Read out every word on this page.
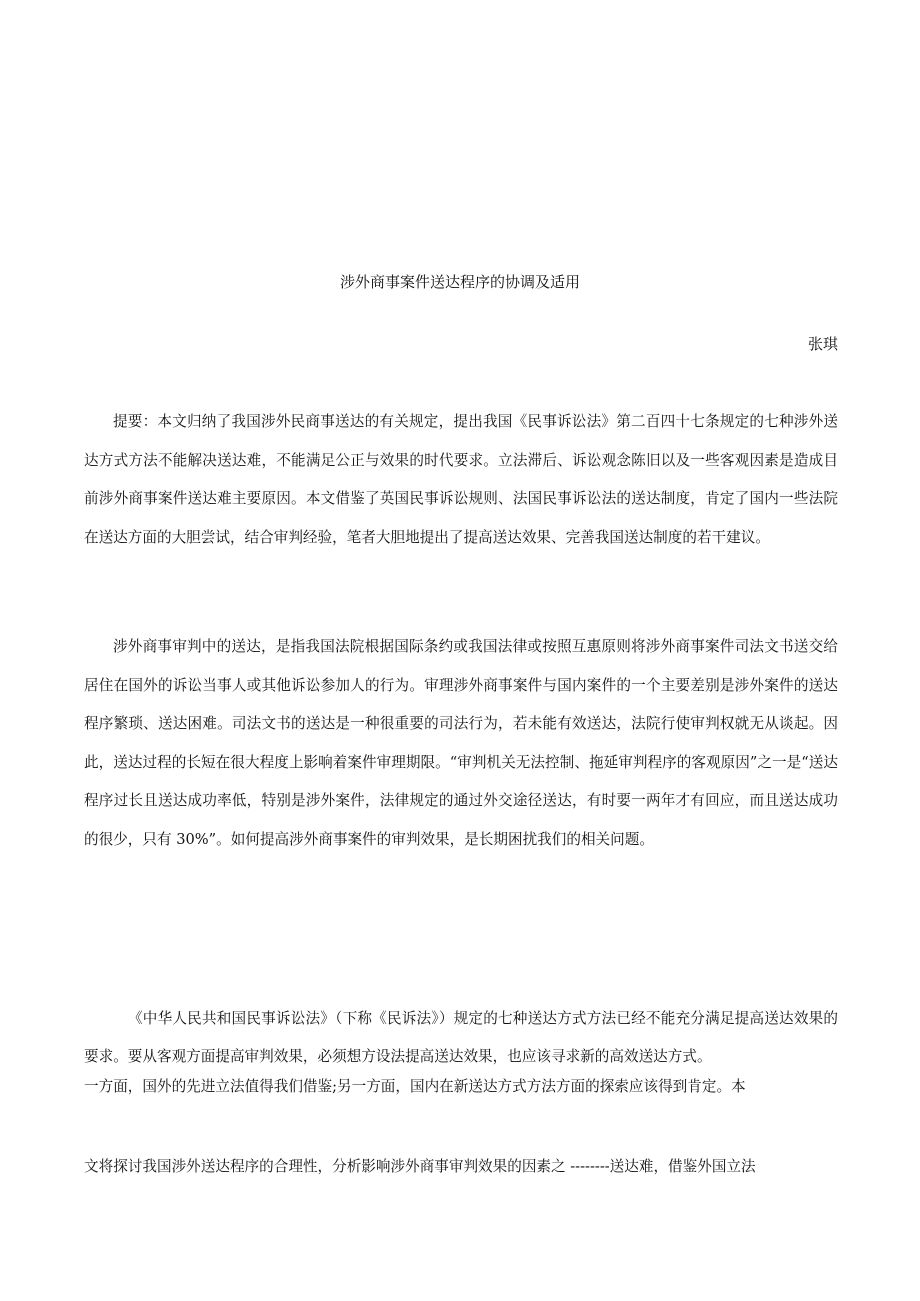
涉外商事案件送达程序的协调及适用
张琪

提要：本文归纳了我国涉外民商事送达的有关规定，提出我国《民事诉讼法》第二百四十七条规定的七种涉外送达方式方法不能解决送达难，不能满足公正与效果的时代要求。立法滞后、诉讼观念陈旧以及一些客观因素是造成目前涉外商事案件送达难主要原因。本文借鉴了英国民事诉讼规则、法国民事诉讼法的送达制度，肯定了国内一些法院在送达方面的大胆尝试，结合审判经验，笔者大胆地提出了提高送达效果、完善我国送达制度的若干建议。

涉外商事审判中的送达，是指我国法院根据国际条约或我国法律或按照互惠原则将涉外商事案件司法文书送交给居住在国外的诉讼当事人或其他诉讼参加人的行为。审理涉外商事案件与国内案件的一个主要差别是涉外案件的送达程序繁琐、送达困难。司法文书的送达是一种很重要的司法行为，若未能有效送达，法院行使审判权就无从谈起。因此，送达过程的长短在很大程度上影响着案件审理期限。“审判机关无法控制、拖延审判程序的客观原因”之一是“送达程序过长且送达成功率低，特别是涉外案件，法律规定的通过外交途径送达，有时要一两年才有回应，而且送达成功的很少，只有 30%”。如何提高涉外商事案件的审判效果，是长期困扰我们的相关问题。

《中华人民共和国民事诉讼法》（下称《民诉法》）规定的七种送达方式方法已经不能充分满足提高送达效果的要求。要从客观方面提高审判效果，必须想方设法提高送达效果，也应该寻求新的高效送达方式。

一方面，国外的先进立法值得我们借鉴;另一方面，国内在新送达方式方法方面的探索应该得到肯定。本
文将探讨我国涉外送达程序的合理性，分析影响涉外商事审判效果的因素之 --------送达难，借鉴外国立法
